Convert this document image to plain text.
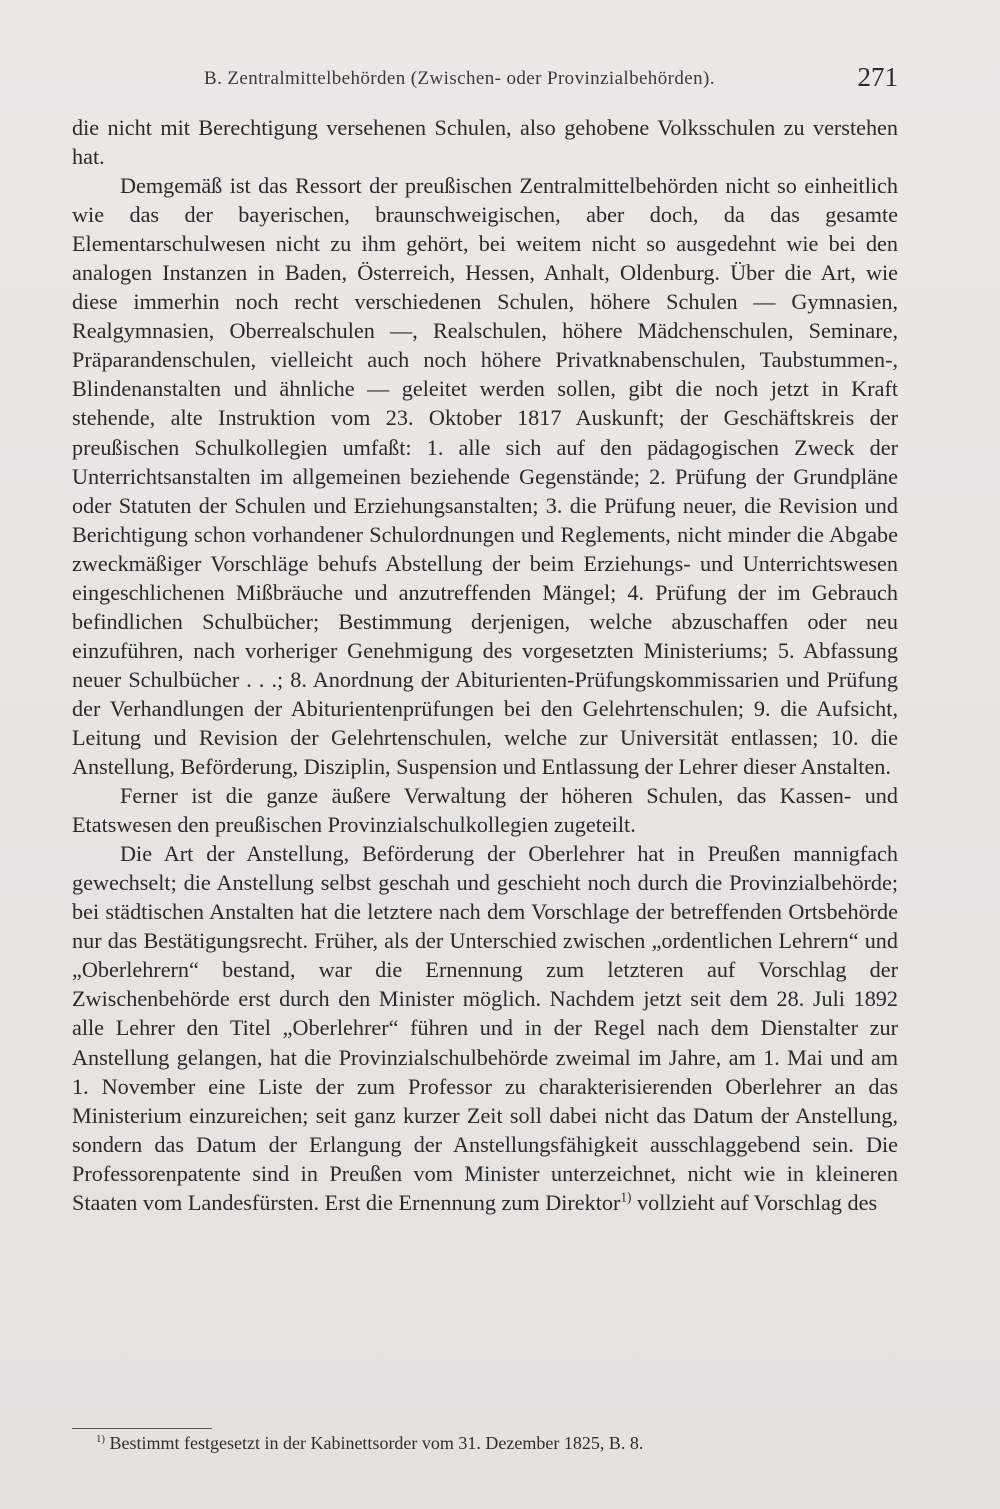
B. Zentralmittelbehörden (Zwischen- oder Provinzialbehörden).	271

die nicht mit Berechtigung versehenen Schulen, also gehobene Volksschulen zu verstehen hat.

Demgemäß ist das Ressort der preußischen Zentralmittelbehörden nicht so einheitlich wie das der bayerischen, braunschweigischen, aber doch, da das gesamte Elementarschulwesen nicht zu ihm gehört, bei weitem nicht so ausgedehnt wie bei den analogen Instanzen in Baden, Österreich, Hessen, Anhalt, Oldenburg. Über die Art, wie diese immerhin noch recht verschiedenen Schulen, höhere Schulen — Gymnasien, Realgymnasien, Oberrealschulen —, Realschulen, höhere Mädchenschulen, Seminare, Präparandenschulen, vielleicht auch noch höhere Privatknabenschulen, Taubstummen-, Blindenanstalten und ähnliche — geleitet werden sollen, gibt die noch jetzt in Kraft stehende, alte Instruktion vom 23. Oktober 1817 Auskunft; der Geschäftskreis der preußischen Schulkollegien umfaßt: 1. alle sich auf den pädagogischen Zweck der Unterrichtsanstalten im allgemeinen beziehende Gegenstände; 2. Prüfung der Grundpläne oder Statuten der Schulen und Erziehungsanstalten; 3. die Prüfung neuer, die Revision und Berichtigung schon vorhandener Schulordnungen und Reglements, nicht minder die Abgabe zweckmäßiger Vorschläge behufs Abstellung der beim Erziehungs- und Unterrichtswesen eingeschlichenen Mißbräuche und anzutreffenden Mängel; 4. Prüfung der im Gebrauch befindlichen Schulbücher; Bestimmung derjenigen, welche abzuschaffen oder neu einzuführen, nach vorheriger Genehmigung des vorgesetzten Ministeriums; 5. Abfassung neuer Schulbücher . . .; 8. Anordnung der Abiturienten-Prüfungskommissarien und Prüfung der Verhandlungen der Abiturientenprüfungen bei den Gelehrtenschulen; 9. die Aufsicht, Leitung und Revision der Gelehrtenschulen, welche zur Universität entlassen; 10. die Anstellung, Beförderung, Disziplin, Suspension und Entlassung der Lehrer dieser Anstalten.

Ferner ist die ganze äußere Verwaltung der höheren Schulen, das Kassen- und Etatswesen den preußischen Provinzialschulkollegien zugeteilt.

Die Art der Anstellung, Beförderung der Oberlehrer hat in Preußen mannigfach gewechselt; die Anstellung selbst geschah und geschieht noch durch die Provinzialbehörde; bei städtischen Anstalten hat die letztere nach dem Vorschlage der betreffenden Ortsbehörde nur das Bestätigungsrecht. Früher, als der Unterschied zwischen „ordentlichen Lehrern“ und „Oberlehrern“ bestand, war die Ernennung zum letzteren auf Vorschlag der Zwischenbehörde erst durch den Minister möglich. Nachdem jetzt seit dem 28. Juli 1892 alle Lehrer den Titel „Oberlehrer“ führen und in der Regel nach dem Dienstalter zur Anstellung gelangen, hat die Provinzialschulbehörde zweimal im Jahre, am 1. Mai und am 1. November eine Liste der zum Professor zu charakterisierenden Oberlehrer an das Ministerium einzureichen; seit ganz kurzer Zeit soll dabei nicht das Datum der Anstellung, sondern das Datum der Erlangung der Anstellungsfähigkeit ausschlaggebend sein. Die Professorenpatente sind in Preußen vom Minister unterzeichnet, nicht wie in kleineren Staaten vom Landesfürsten. Erst die Ernennung zum Direktor$^{1)}$ vollzieht auf Vorschlag des

$^{1)}$ Bestimmt festgesetzt in der Kabinettsorder vom 31. Dezember 1825, B. 8.
